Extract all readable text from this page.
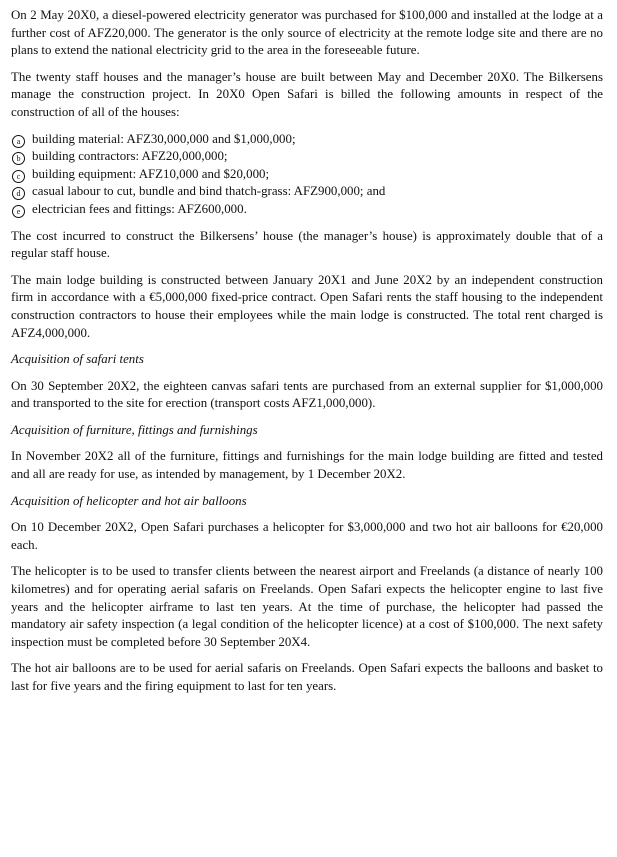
On 2 May 20X0, a diesel-powered electricity generator was purchased for $100,000 and installed at the lodge at a further cost of AFZ20,000. The generator is the only source of electricity at the remote lodge site and there are no plans to extend the national electricity grid to the area in the foreseeable future.

The twenty staff houses and the manager’s house are built between May and December 20X0. The Bilkersens manage the construction project. In 20X0 Open Safari is billed the following amounts in respect of the construction of all of the houses:

a building material: AFZ30,000,000 and $1,000,000;
b building contractors: AFZ20,000,000;
c building equipment: AFZ10,000 and $20,000;
d casual labour to cut, bundle and bind thatch-grass: AFZ900,000; and
e electrician fees and fittings: AFZ600,000.

The cost incurred to construct the Bilkersens’ house (the manager’s house) is approximately double that of a regular staff house.

The main lodge building is constructed between January 20X1 and June 20X2 by an independent construction firm in accordance with a €5,000,000 fixed-price contract. Open Safari rents the staff housing to the independent construction contractors to house their employees while the main lodge is constructed. The total rent charged is AFZ4,000,000.

Acquisition of safari tents

On 30 September 20X2, the eighteen canvas safari tents are purchased from an external supplier for $1,000,000 and transported to the site for erection (transport costs AFZ1,000,000).

Acquisition of furniture, fittings and furnishings

In November 20X2 all of the furniture, fittings and furnishings for the main lodge building are fitted and tested and all are ready for use, as intended by management, by 1 December 20X2.

Acquisition of helicopter and hot air balloons

On 10 December 20X2, Open Safari purchases a helicopter for $3,000,000 and two hot air balloons for €20,000 each.

The helicopter is to be used to transfer clients between the nearest airport and Freelands (a distance of nearly 100 kilometres) and for operating aerial safaris on Freelands. Open Safari expects the helicopter engine to last five years and the helicopter airframe to last ten years. At the time of purchase, the helicopter had passed the mandatory air safety inspection (a legal condition of the helicopter licence) at a cost of $100,000. The next safety inspection must be completed before 30 September 20X4.

The hot air balloons are to be used for aerial safaris on Freelands. Open Safari expects the balloons and basket to last for five years and the firing equipment to last for ten years.
